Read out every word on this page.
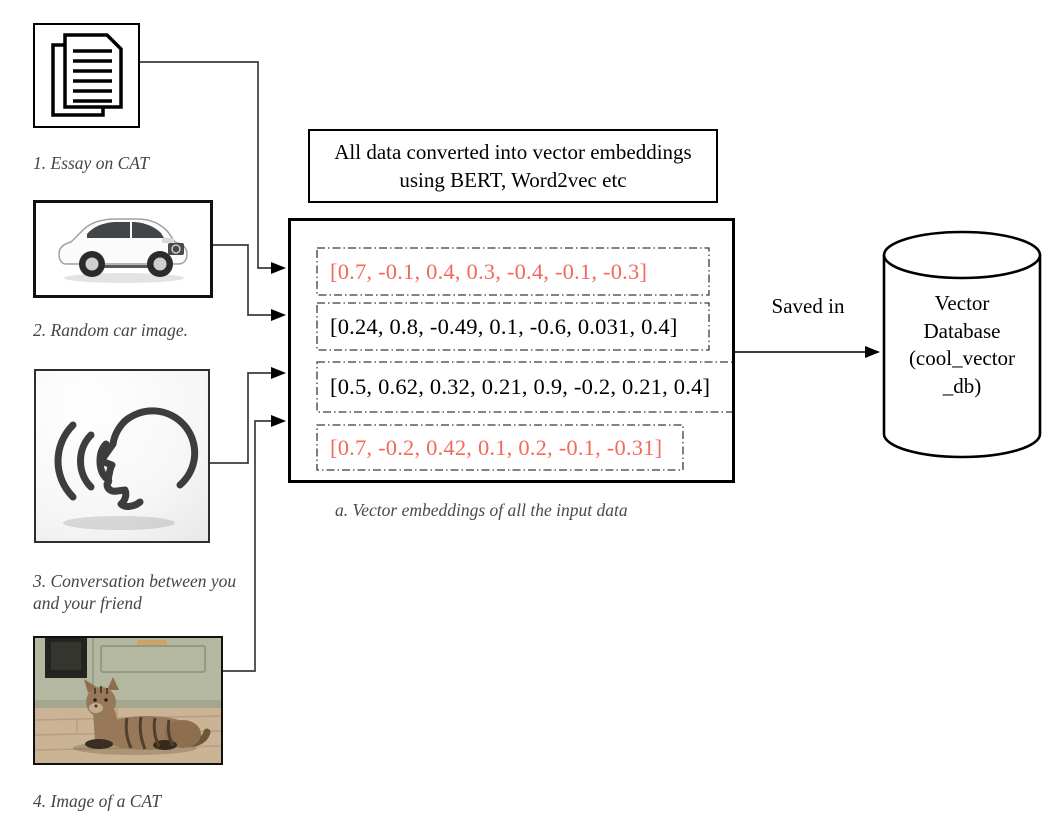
1. Essay on CAT
2. Random car image.
3. Conversation between you and your friend
4. Image of a CAT
All data converted into vector embeddings using BERT, Word2vec etc
[0.7, -0.1, 0.4, 0.3, -0.4, -0.1, -0.3]
[0.24, 0.8, -0.49, 0.1, -0.6, 0.031, 0.4]
[0.5, 0.62, 0.32, 0.21, 0.9, -0.2, 0.21, 0.4]
[0.7, -0.2, 0.42, 0.1, 0.2, -0.1, -0.31]
a. Vector embeddings of all the input data
Saved in	Vector
Database
(cool_vector
_db)
